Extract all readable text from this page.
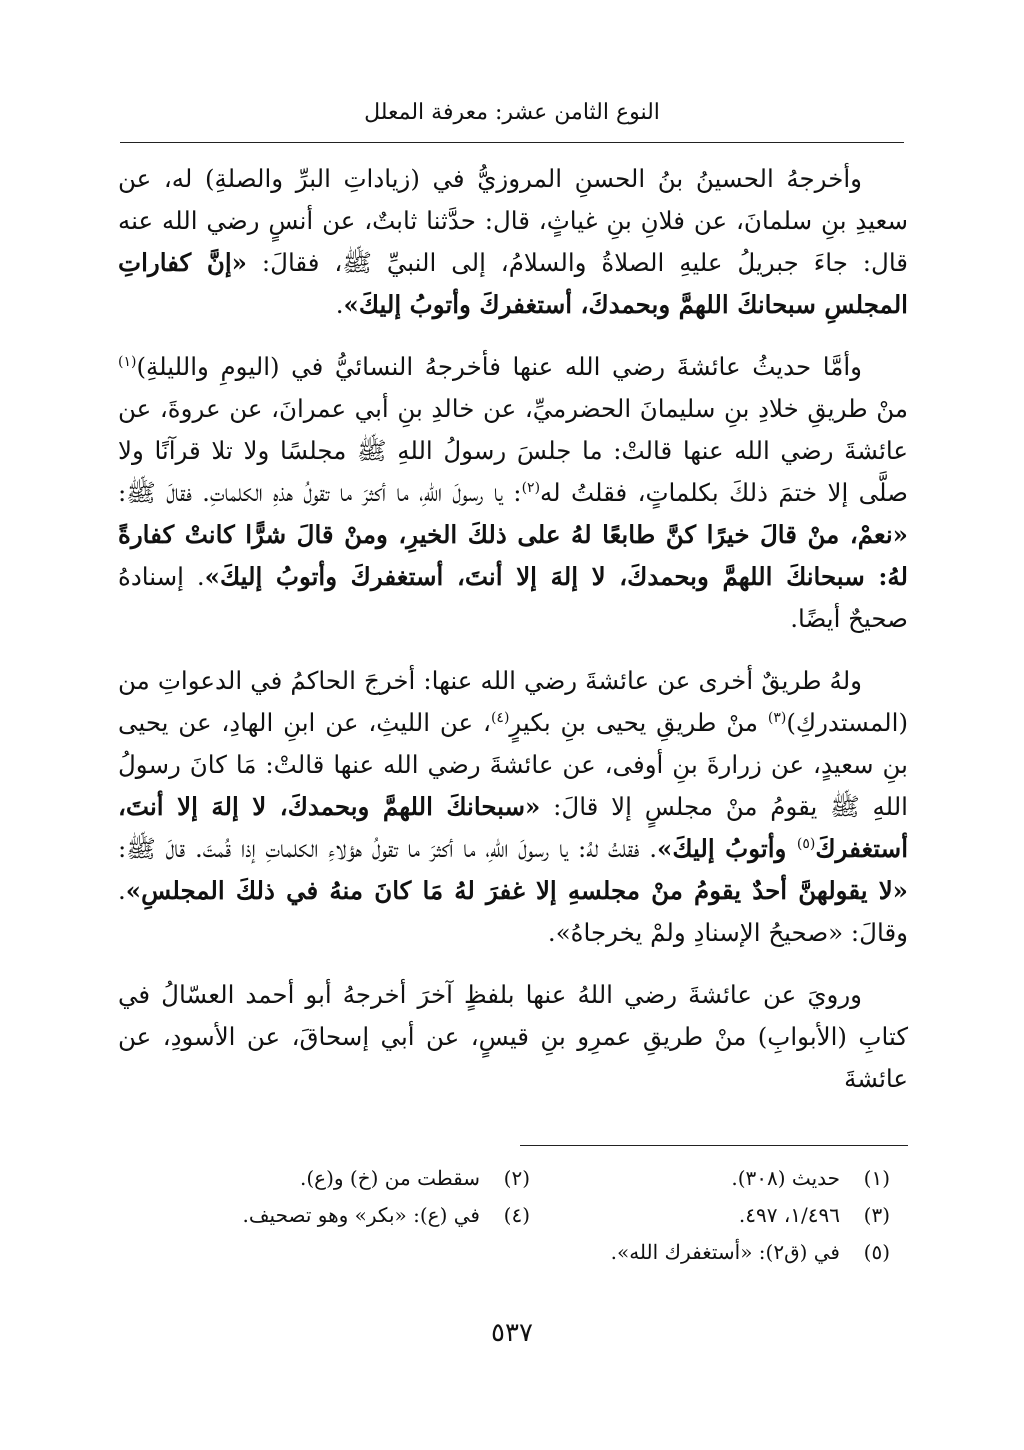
النوع الثامن عشر: معرفة المعلل

وأخرجهُ الحسينُ بنُ الحسنِ المروزيُّ في (زياداتِ البرِّ والصلةِ) له، عن سعيدِ بنِ سلمانَ، عن فلانِ بنِ غياثٍ، قال: حدَّثنا ثابتٌ، عن أنسٍ رضي الله عنه قال: جاءَ جبريلُ عليهِ الصلاةُ والسلامُ، إلى النبيِّ ﷺ، فقالَ: «إنَّ كفاراتِ المجلسِ سبحانكَ اللهمَّ وبحمدكَ، أستغفركَ وأتوبُ إليكَ».

وأمَّا حديثُ عائشةَ رضي الله عنها فأخرجهُ النسائيُّ في (اليومِ والليلةِ)$^{(١)}$ منْ طريقِ خلادِ بنِ سليمانَ الحضرميِّ، عن خالدِ بنِ أبي عمرانَ، عن عروةَ، عن عائشةَ رضي الله عنها قالتْ: ما جلسَ رسولُ اللهِ ﷺ مجلسًا ولا تلا قرآنًا ولا صلَّى إلا ختمَ ذلكَ بكلماتٍ، فقلتُ له$^{(٢)}$: يا رسولَ اللهِ، ما أكثرَ ما تقولُ هذهِ الكلماتِ. فقالَ ﷺ: «نعمْ، منْ قالَ خيرًا كنَّ طابعًا لهُ على ذلكَ الخيرِ، ومنْ قالَ شرًّا كانتْ كفارةً لهُ: سبحانكَ اللهمَّ وبحمدكَ، لا إلهَ إلا أنتَ، أستغفركَ وأتوبُ إليكَ». إسنادهُ صحيحٌ أيضًا.

ولهُ طريقٌ أخرى عن عائشةَ رضي الله عنها: أخرجَ الحاكمُ في الدعواتِ من (المستدركِ)$^{(٣)}$ منْ طريقِ يحيى بنِ بكيرٍ$^{(٤)}$، عن الليثِ، عن ابنِ الهادِ، عن يحيى بنِ سعيدٍ، عن زرارةَ بنِ أوفى، عن عائشةَ رضي الله عنها قالتْ: مَا كانَ رسولُ اللهِ ﷺ يقومُ منْ مجلسٍ إلا قالَ: «سبحانكَ اللهمَّ وبحمدكَ، لا إلهَ إلا أنتَ، أستغفركَ$^{(٥)}$ وأتوبُ إليكَ». فقلتُ لهُ: يا رسولَ اللهِ، ما أكثرَ ما تقولُ هؤلاءِ الكلماتِ إذا قُمتَ. قالَ ﷺ: «لا يقولهنَّ أحدٌ يقومُ منْ مجلسهِ إلا غفرَ لهُ مَا كانَ منهُ في ذلكَ المجلسِ». وقالَ: «صحيحُ الإسنادِ ولمْ يخرجاهُ».

ورويَ عن عائشةَ رضي اللهُ عنها بلفظٍ آخرَ أخرجهُ أبو أحمد العسّالُ في كتابِ (الأبوابِ) منْ طريقِ عمرِو بنِ قيسٍ، عن أبي إسحاقَ، عن الأسودِ، عن عائشةَ

(١)
حديث (٣٠٨).
(٢)
سقطت من (خ) و(ع).
(٣)
١/٤٩٦، ٤٩٧.
(٤)
في (ع): «بكر» وهو تصحيف.
(٥)
في (ق٢): «أستغفرك الله».
٥٣٧
